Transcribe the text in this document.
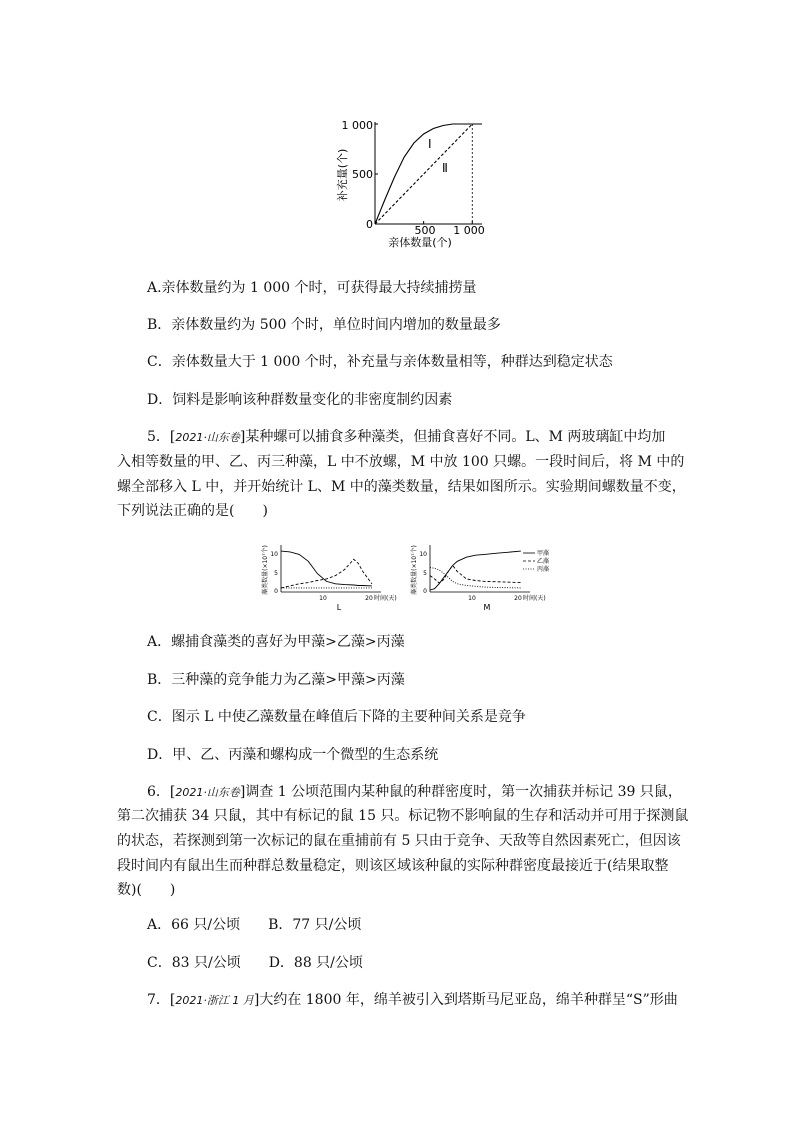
1 000
500
0	500 1 000
亲体数量(个)
补充量(个)
Ⅰ
Ⅱ
A.亲体数量约为 1 000 个时，可获得最大持续捕捞量
B．亲体数量约为 500 个时，单位时间内增加的数量最多
C．亲体数量大于 1 000 个时，补充量与亲体数量相等，种群达到稳定状态
D．饲料是影响该种群数量变化的非密度制约因素
5．[2021·山东卷]某种螺可以捕食多种藻类，但捕食喜好不同。L、M 两玻璃缸中均加
入相等数量的甲、乙、丙三种藻，L 中不放螺，M 中放 100 只螺。一段时间后，将 M 中的
螺全部移入 L 中，并开始统计 L、M 中的藻类数量，结果如图所示。实验期间螺数量不变，
下列说法正确的是(　　)
藻类数量(×10⁷个) 10
5
0
10	20 时间(天)
L
藻类数量(×10⁷个) 10
5
0
10	20 时间(天)
M
甲藻
乙藻
丙藻
A．螺捕食藻类的喜好为甲藻>乙藻>丙藻
B．三种藻的竞争能力为乙藻>甲藻>丙藻
C．图示 L 中使乙藻数量在峰值后下降的主要种间关系是竞争
D．甲、乙、丙藻和螺构成一个微型的生态系统
6．[2021·山东卷]调查 1 公顷范围内某种鼠的种群密度时，第一次捕获并标记 39 只鼠，
第二次捕获 34 只鼠，其中有标记的鼠 15 只。标记物不影响鼠的生存和活动并可用于探测鼠
的状态，若探测到第一次标记的鼠在重捕前有 5 只由于竞争、天敌等自然因素死亡，但因该
段时间内有鼠出生而种群总数量稳定，则该区域该种鼠的实际种群密度最接近于(结果取整
数)(　　)
A．66 只/公顷　　B．77 只/公顷
C．83 只/公顷　　D．88 只/公顷
7．[2021·浙江 1 月]大约在 1800 年，绵羊被引入到塔斯马尼亚岛，绵羊种群呈“S”形曲
